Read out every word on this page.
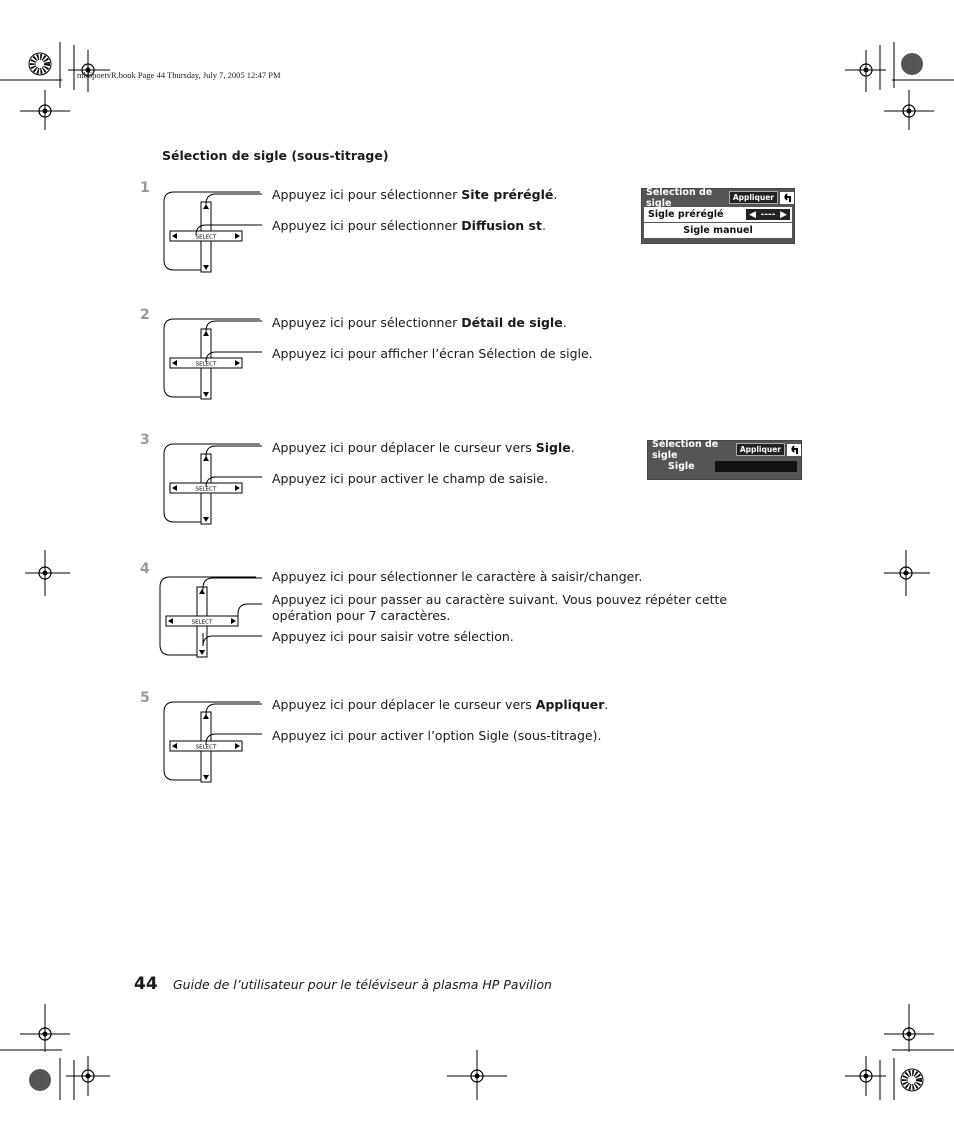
mb5poetvR.book Page 44 Thursday, July 7, 2005 12:47 PM
Sélection de sigle (sous-titrage)
1
SELECT
Appuyez ici pour sélectionner Site préréglé.
Appuyez ici pour sélectionner Diffusion st.
2
SELECT
Appuyez ici pour sélectionner Détail de sigle.
Appuyez ici pour afficher l’écran Sélection de sigle.
3
SELECT
Appuyez ici pour déplacer le curseur vers Sigle.
Appuyez ici pour activer le champ de saisie.
4
SELECT
Appuyez ici pour sélectionner le caractère à saisir/changer.
Appuyez ici pour passer au caractère suivant. Vous pouvez répéter cette opération pour 7 caractères.
Appuyez ici pour saisir votre sélection.
5
SELECT
Appuyez ici pour déplacer le curseur vers Appliquer.
Appuyez ici pour activer l’option Sigle (sous-titrage).
Sélection de sigle	Appliquer
Sigle préréglé	◀ ---- ▶
Sigle manuel
Sélection de sigle	Appliquer
Sigle
44 Guide de l’utilisateur pour le téléviseur à plasma HP Pavilion
